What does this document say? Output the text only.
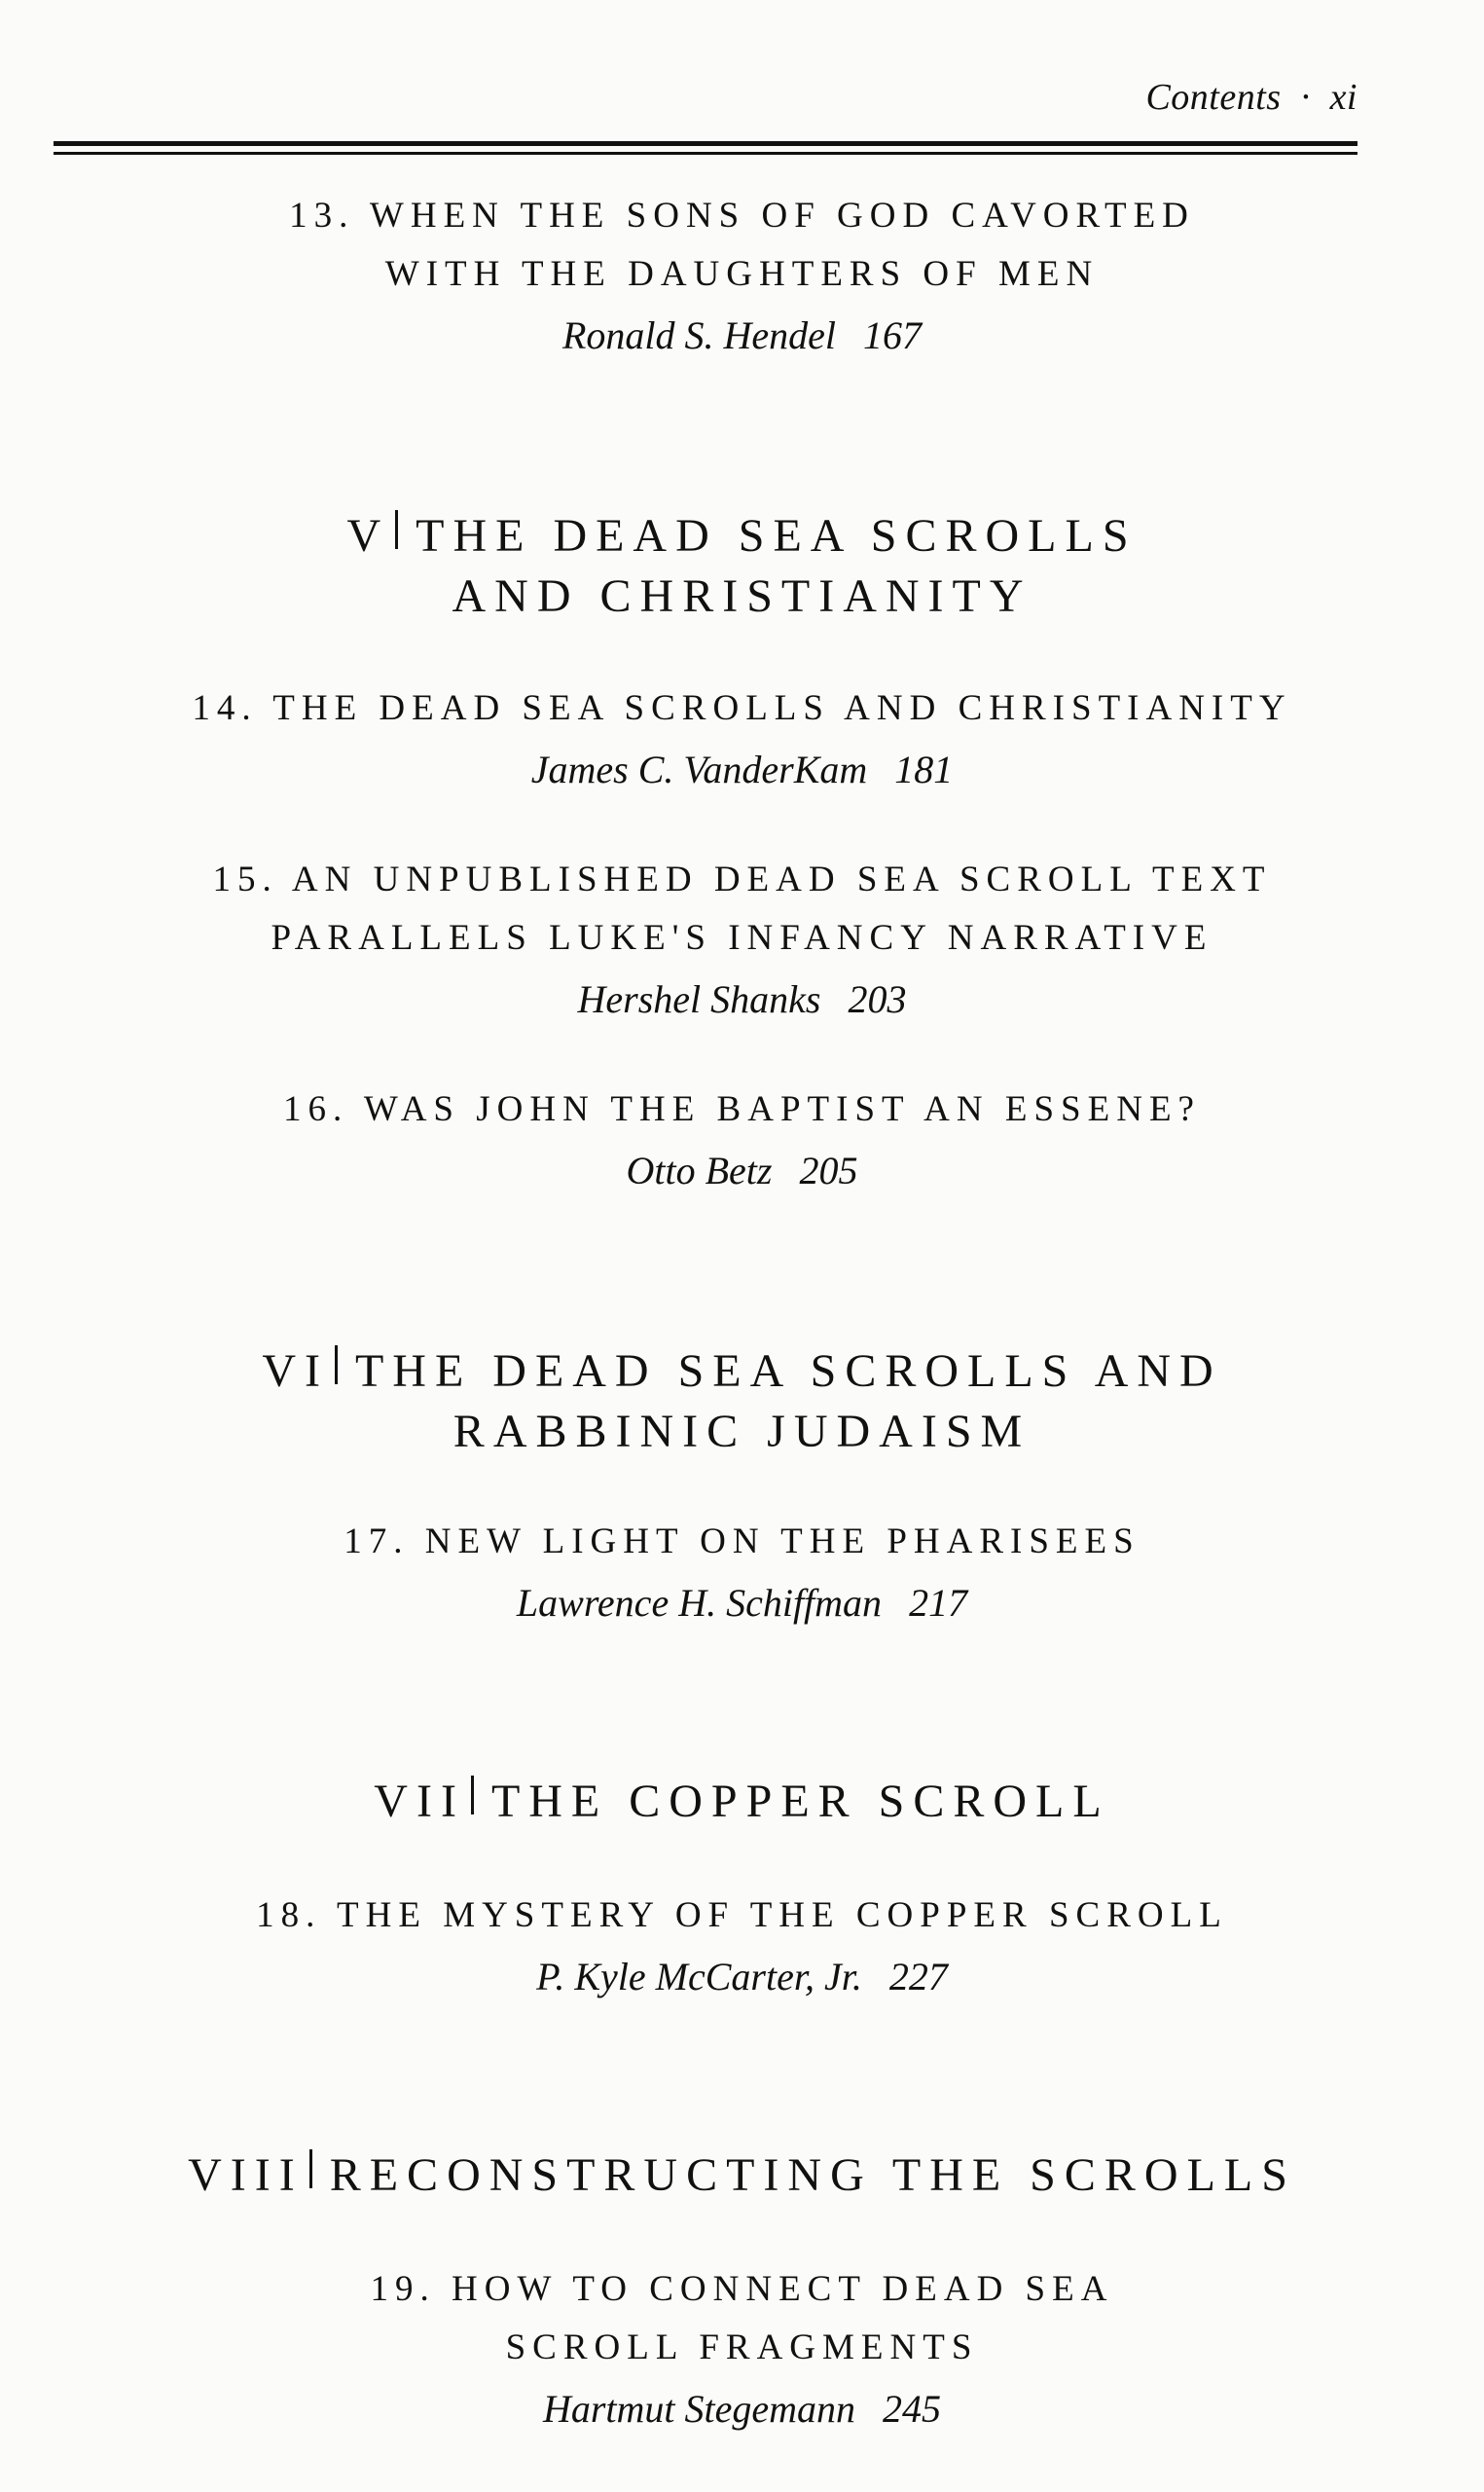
Contents · xi
13. WHEN THE SONS OF GOD CAVORTED
WITH THE DAUGHTERS OF MEN
Ronald S. Hendel 167
V THE DEAD SEA SCROLLS
AND CHRISTIANITY
14. THE DEAD SEA SCROLLS AND CHRISTIANITY
James C. VanderKam 181
15. AN UNPUBLISHED DEAD SEA SCROLL TEXT
PARALLELS LUKE'S INFANCY NARRATIVE
Hershel Shanks 203
16. WAS JOHN THE BAPTIST AN ESSENE?
Otto Betz 205
VI THE DEAD SEA SCROLLS AND
RABBINIC JUDAISM
17. NEW LIGHT ON THE PHARISEES
Lawrence H. Schiffman 217
VII THE COPPER SCROLL
18. THE MYSTERY OF THE COPPER SCROLL
P. Kyle McCarter, Jr. 227
VIII RECONSTRUCTING THE SCROLLS
19. HOW TO CONNECT DEAD SEA
SCROLL FRAGMENTS
Hartmut Stegemann 245
